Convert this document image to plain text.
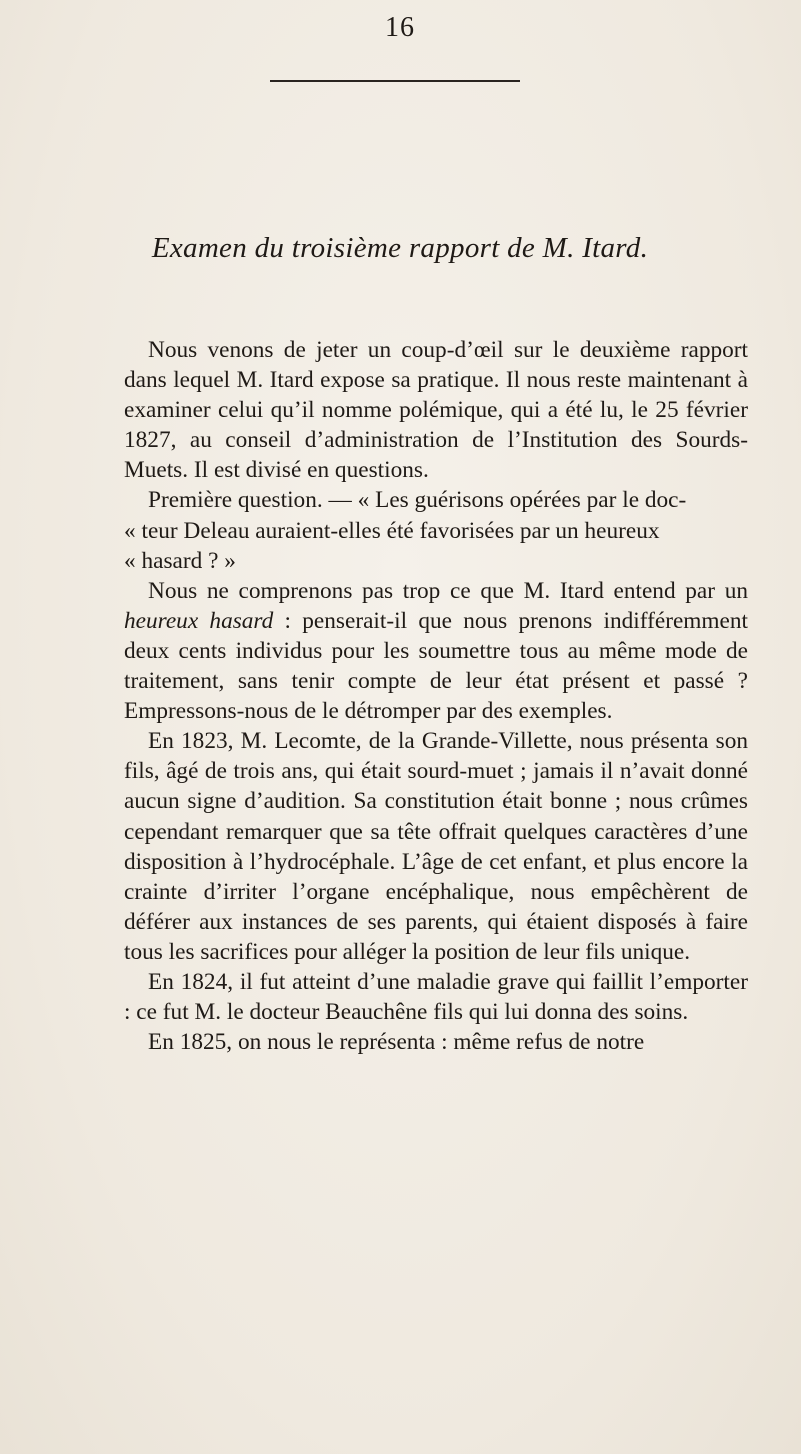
16
Examen du troisième rapport de M. Itard.

Nous venons de jeter un coup-d’œil sur le deuxième rapport dans lequel M. Itard expose sa pratique. Il nous reste maintenant à examiner celui qu’il nomme polémique, qui a été lu, le 25 février 1827, au conseil d’administration de l’Institution des Sourds-Muets. Il est divisé en questions.

Première question. — « Les guérisons opérées par le doc-

« teur Deleau auraient-elles été favorisées par un heureux

« hasard ? »

Nous ne comprenons pas trop ce que M. Itard entend par un heureux hasard : penserait-il que nous prenons indifféremment deux cents individus pour les soumettre tous au même mode de traitement, sans tenir compte de leur état présent et passé ? Empressons-nous de le détromper par des exemples.

En 1823, M. Lecomte, de la Grande-Villette, nous présenta son fils, âgé de trois ans, qui était sourd-muet ; jamais il n’avait donné aucun signe d’audition. Sa constitution était bonne ; nous crûmes cependant remarquer que sa tête offrait quelques caractères d’une disposition à l’hydrocéphale. L’âge de cet enfant, et plus encore la crainte d’irriter l’organe encéphalique, nous empêchèrent de déférer aux instances de ses parents, qui étaient disposés à faire tous les sacrifices pour alléger la position de leur fils unique.

En 1824, il fut atteint d’une maladie grave qui faillit l’emporter : ce fut M. le docteur Beauchêne fils qui lui donna des soins.

En 1825, on nous le représenta : même refus de notre
